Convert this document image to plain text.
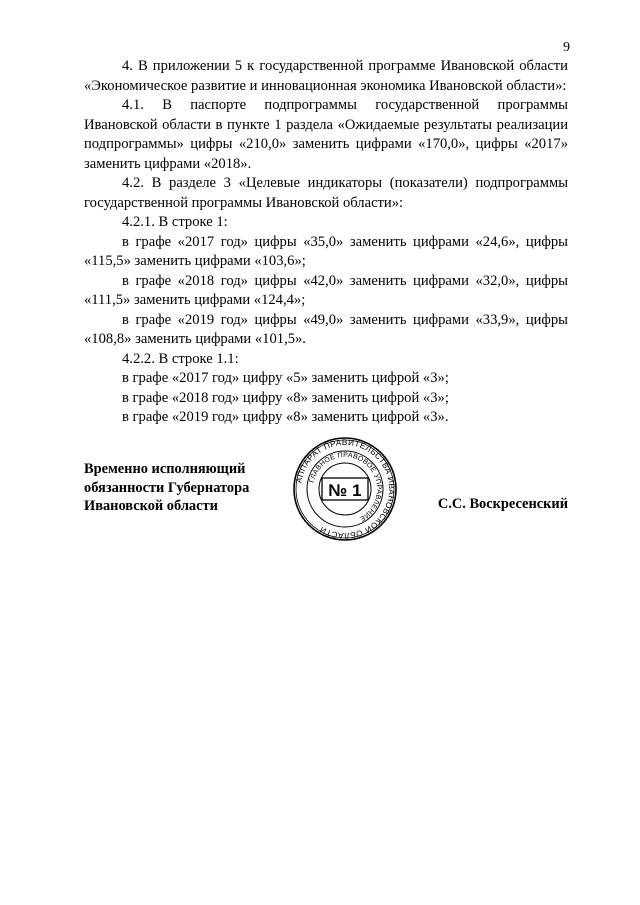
9

4. В приложении 5 к государственной программе Ивановской области «Экономическое развитие и инновационная экономика Ивановской области»:

4.1. В паспорте подпрограммы государственной программы Ивановской области в пункте 1 раздела «Ожидаемые результаты реализации подпрограммы» цифры «210,0» заменить цифрами «170,0», цифры «2017» заменить цифрами «2018».

4.2. В разделе 3 «Целевые индикаторы (показатели) подпрограммы государственной программы Ивановской области»:

4.2.1. В строке 1:

в графе «2017 год» цифры «35,0» заменить цифрами «24,6», цифры «115,5» заменить цифрами «103,6»;

в графе «2018 год» цифры «42,0» заменить цифрами «32,0», цифры «111,5» заменить цифрами «124,4»;

в графе «2019 год» цифры «49,0» заменить цифрами «33,9», цифры «108,8» заменить цифрами «101,5».

4.2.2. В строке 1.1:

в графе «2017 год» цифру «5» заменить цифрой «3»;

в графе «2018 год» цифру «8» заменить цифрой «3»;

в графе «2019 год» цифру «8» заменить цифрой «3».

Временно исполняющий
обязанности Губернатора
Ивановской области
АППАРАТ ПРАВИТЕЛЬСТВА ИВАНОВСКОЙ ОБЛАСТИ
ГЛАВНОЕ ПРАВОВОЕ УПРАВЛЕНИЕ
№ 1
С.С. Воскресенский
